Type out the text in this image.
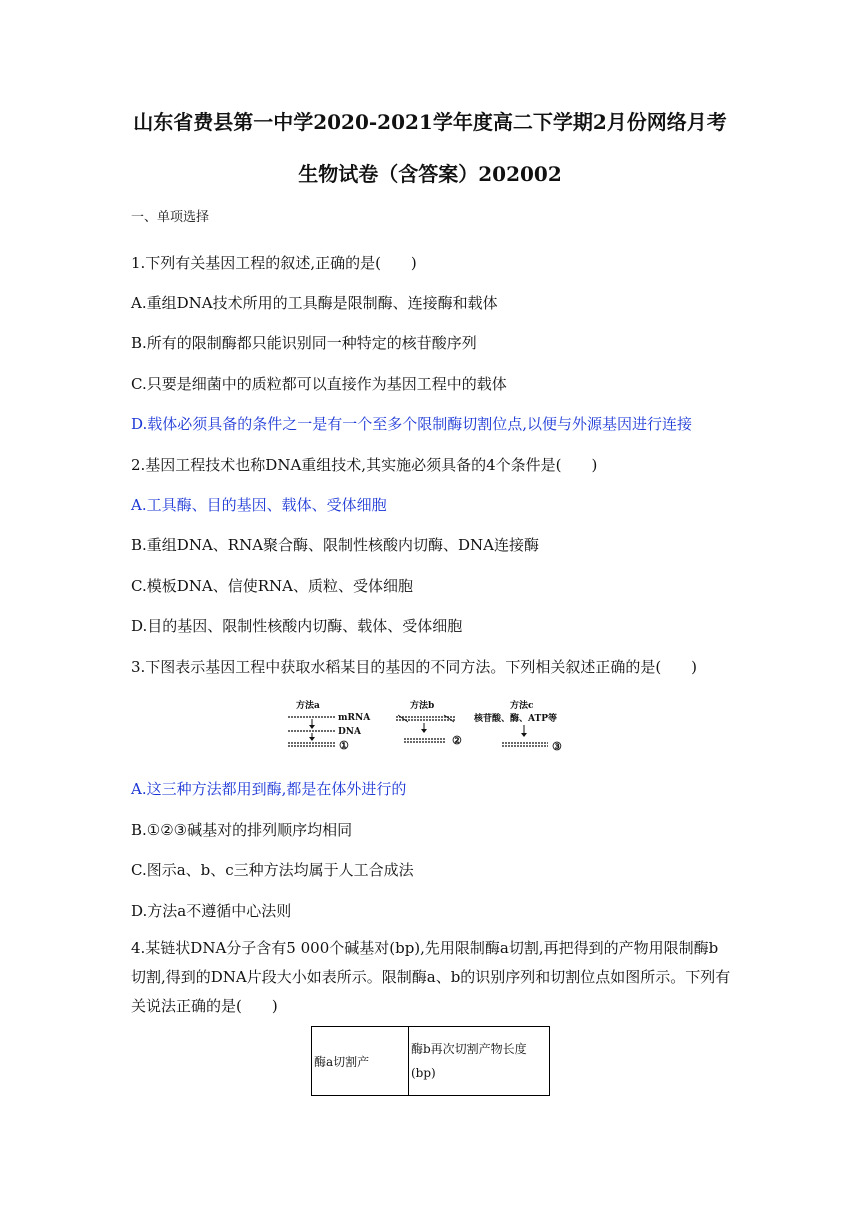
山东省费县第一中学2020-2021学年度高二下学期2月份网络月考
生物试卷（含答案）202002
一、单项选择
1.下列有关基因工程的叙述,正确的是(　　)
A.重组DNA技术所用的工具酶是限制酶、连接酶和载体
B.所有的限制酶都只能识别同一种特定的核苷酸序列
C.只要是细菌中的质粒都可以直接作为基因工程中的载体
D.载体必须具备的条件之一是有一个至多个限制酶切割位点,以便与外源基因进行连接
2.基因工程技术也称DNA重组技术,其实施必须具备的4个条件是(　　)
A.工具酶、目的基因、载体、受体细胞
B.重组DNA、RNA聚合酶、限制性核酸内切酶、DNA连接酶
C.模板DNA、信使RNA、质粒、受体细胞
D.目的基因、限制性核酸内切酶、载体、受体细胞
3.下图表示基因工程中获取水稻某目的基因的不同方法。下列相关叙述正确的是(　　)
方法a
mRNA
DNA
①
方法b
②
方法c
核苷酸、酶、ATP等
③
A.这三种方法都用到酶,都是在体外进行的
B.①②③碱基对的排列顺序均相同
C.图示a、b、c三种方法均属于人工合成法
D.方法a不遵循中心法则
4.某链状DNA分子含有5 000个碱基对(bp),先用限制酶a切割,再把得到的产物用限制酶b切割,得到的DNA片段大小如表所示。限制酶a、b的识别序列和切割位点如图所示。下列有关说法正确的是(　　)
酶a切割产	酶b再次切割产物长度(bp)
